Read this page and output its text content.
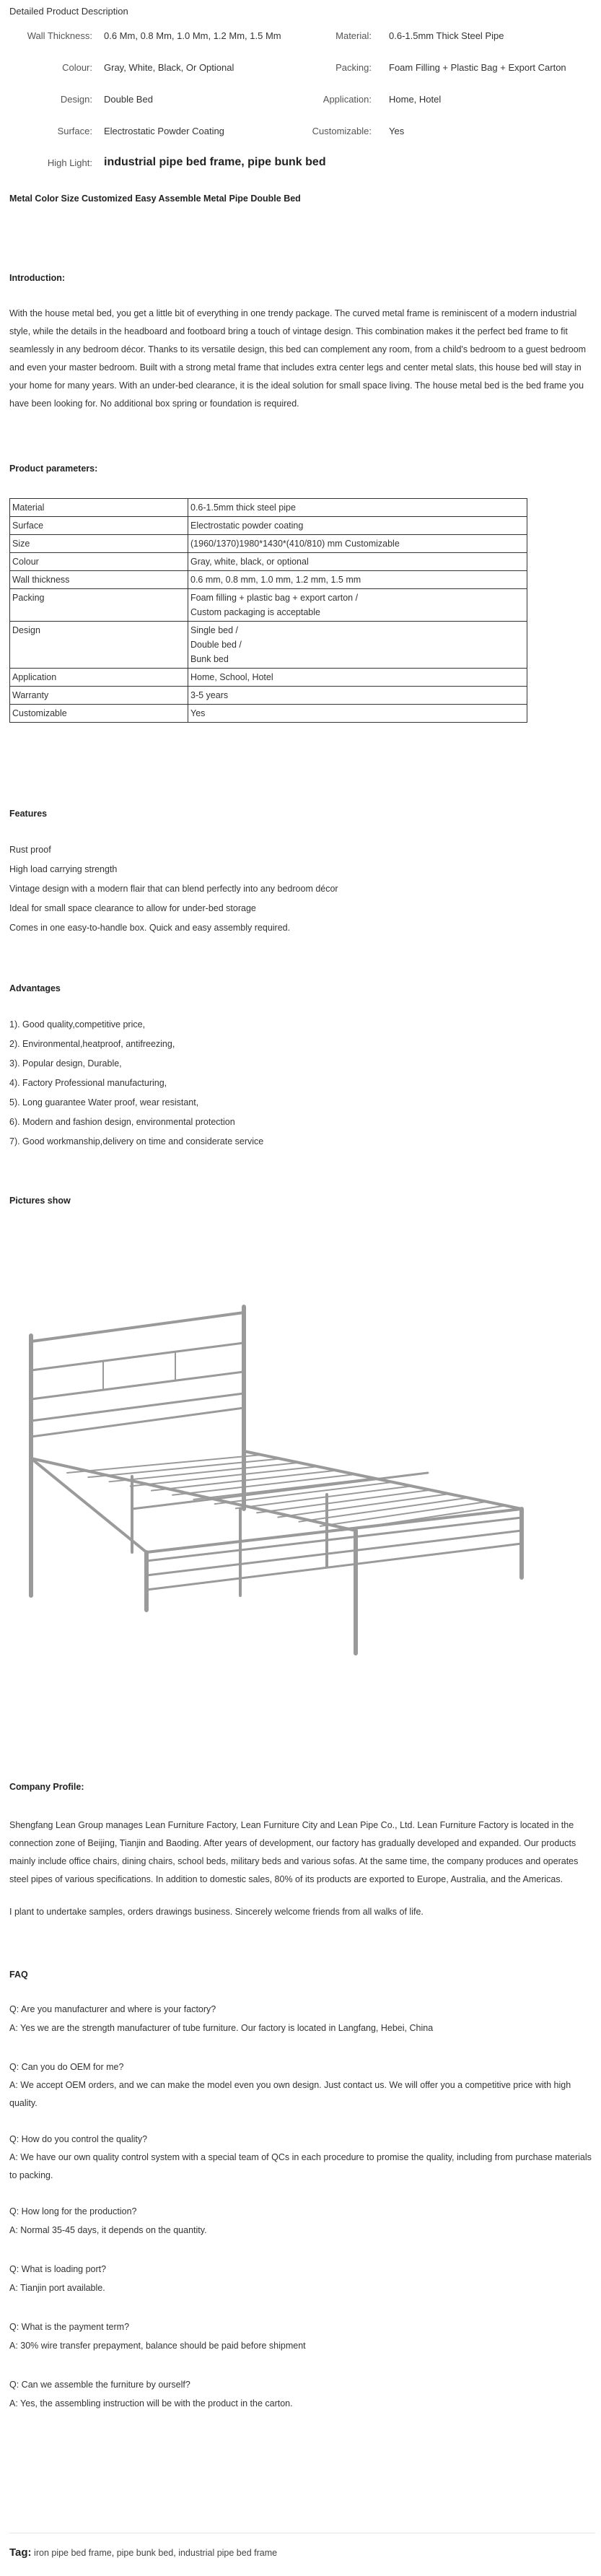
Detailed Product Description
Wall Thickness: 0.6 Mm, 0.8 Mm, 1.0 Mm, 1.2 Mm, 1.5 Mm	Material: 0.6-1.5mm Thick Steel Pipe
Colour: Gray, White, Black, Or Optional	Packing: Foam Filling + Plastic Bag + Export Carton
Design: Double Bed	Application: Home, Hotel
Surface: Electrostatic Powder Coating	Customizable: Yes
High Light: industrial pipe bed frame, pipe bunk bed
Metal Color Size Customized Easy Assemble Metal Pipe Double Bed
Introduction:
With the house metal bed, you get a little bit of everything in one trendy package. The curved metal frame is reminiscent of a modern industrial style, while the details in the headboard and footboard bring a touch of vintage design. This combination makes it the perfect bed frame to fit seamlessly in any bedroom décor. Thanks to its versatile design, this bed can complement any room, from a child's bedroom to a guest bedroom and even your master bedroom. Built with a strong metal frame that includes extra center legs and center metal slats, this house bed will stay in your home for many years. With an under-bed clearance, it is the ideal solution for small space living. The house metal bed is the bed frame you have been looking for. No additional box spring or foundation is required.
Product parameters:
Material	0.6-1.5mm thick steel pipe

Surface	Electrostatic powder coating

Size	(1960/1370)1980*1430*(410/810) mm Customizable

Colour	Gray, white, black, or optional

Wall thickness	0.6 mm, 0.8 mm, 1.0 mm, 1.2 mm, 1.5 mm

Packing	Foam filling + plastic bag + export carton /
Custom packaging is acceptable

Design	Single bed /
Double bed /
Bunk bed

Application	Home, School, Hotel

Warranty	3-5 years

Customizable	Yes
Features
Rust proof
High load carrying strength
Vintage design with a modern flair that can blend perfectly into any bedroom décor
Ideal for small space clearance to allow for under-bed storage
Comes in one easy-to-handle box. Quick and easy assembly required.
Advantages
1). Good quality,competitive price,
2). Environmental,heatproof, antifreezing,
3). Popular design, Durable,
4). Factory Professional manufacturing,
5). Long guarantee Water proof, wear resistant,
6). Modern and fashion design, environmental protection
7). Good workmanship,delivery on time and considerate service
Pictures show
Company Profile:
Shengfang Lean Group manages Lean Furniture Factory, Lean Furniture City and Lean Pipe Co., Ltd. Lean Furniture Factory is located in the connection zone of Beijing, Tianjin and Baoding. After years of development, our factory has gradually developed and expanded. Our products mainly include office chairs, dining chairs, school beds, military beds and various sofas. At the same time, the company produces and operates steel pipes of various specifications. In addition to domestic sales, 80% of its products are exported to Europe, Australia, and the Americas.
I plant to undertake samples, orders drawings business. Sincerely welcome friends from all walks of life.
FAQ
Q: Are you manufacturer and where is your factory?
A: Yes we are the strength manufacturer of tube furniture. Our factory is located in Langfang, Hebei, China
Q: Can you do OEM for me?
A: We accept OEM orders, and we can make the model even you own design. Just contact us. We will offer you a competitive price with high quality.
Q: How do you control the quality?
A: We have our own quality control system with a special team of QCs in each procedure to promise the quality, including from purchase materials to packing.
Q: How long for the production?
A: Normal 35-45 days, it depends on the quantity.
Q: What is loading port?
A: Tianjin port available.
Q: What is the payment term?
A: 30% wire transfer prepayment, balance should be paid before shipment
Q: Can we assemble the furniture by ourself?
A: Yes, the assembling instruction will be with the product in the carton.
Tag: iron pipe bed frame, pipe bunk bed, industrial pipe bed frame
